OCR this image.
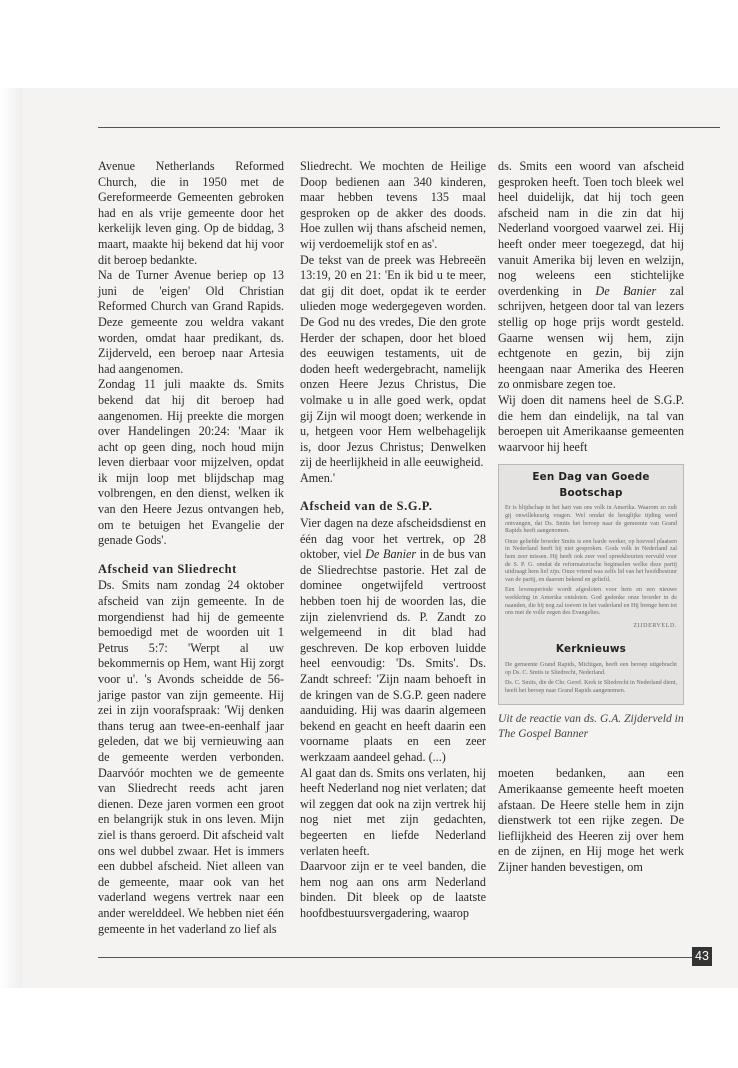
Avenue Netherlands Reformed Church, die in 1950 met de Gereformeerde Gemeenten gebroken had en als vrije gemeente door het kerkelijk leven ging. Op de biddag, 3 maart, maakte hij bekend dat hij voor dit beroep bedankte.

Na de Turner Avenue beriep op 13 juni de 'eigen' Old Christian Reformed Church van Grand Rapids. Deze gemeente zou weldra vakant worden, omdat haar predikant, ds. Zijderveld, een beroep naar Artesia had aangenomen.

Zondag 11 juli maakte ds. Smits bekend dat hij dit beroep had aangenomen. Hij preekte die morgen over Handelingen 20:24: 'Maar ik acht op geen ding, noch houd mijn leven dierbaar voor mijzelven, opdat ik mijn loop met blijdschap mag volbrengen, en den dienst, welken ik van den Heere Jezus ontvangen heb, om te betuigen het Evangelie der genade Gods'.

Afscheid van Sliedrecht

Ds. Smits nam zondag 24 oktober afscheid van zijn gemeente. In de morgendienst had hij de gemeente bemoedigd met de woorden uit 1 Petrus 5:7: 'Werpt al uw bekommernis op Hem, want Hij zorgt voor u'. 's Avonds scheidde de 56-jarige pastor van zijn gemeente. Hij zei in zijn voorafspraak: 'Wij denken thans terug aan twee-en-eenhalf jaar geleden, dat we bij vernieuwing aan de gemeente werden verbonden. Daarvóór mochten we de gemeente van Sliedrecht reeds acht jaren dienen. Deze jaren vormen een groot en belangrijk stuk in ons leven. Mijn ziel is thans geroerd. Dit afscheid valt ons wel dubbel zwaar. Het is immers een dubbel afscheid. Niet alleen van de gemeente, maar ook van het vaderland wegens vertrek naar een ander werelddeel. We hebben niet één gemeente in het vaderland zo lief als

Sliedrecht. We mochten de Heilige Doop bedienen aan 340 kinderen, maar hebben tevens 135 maal gesproken op de akker des doods. Hoe zullen wij thans afscheid nemen, wij verdoemelijk stof en as'.

De tekst van de preek was Hebreeën 13:19, 20 en 21: 'En ik bid u te meer, dat gij dit doet, opdat ik te eerder ulieden moge wedergegeven worden. De God nu des vredes, Die den grote Herder der schapen, door het bloed des eeuwigen testaments, uit de doden heeft wedergebracht, namelijk onzen Heere Jezus Christus, Die volmake u in alle goed werk, opdat gij Zijn wil moogt doen; werkende in u, hetgeen voor Hem welbehagelijk is, door Jezus Christus; Denwelken zij de heerlijkheid in alle eeuwigheid.

Amen.'

Afscheid van de S.G.P.

Vier dagen na deze afscheidsdienst en één dag voor het vertrek, op 28 oktober, viel De Banier in de bus van de Sliedrechtse pastorie. Het zal de dominee ongetwijfeld vertroost hebben toen hij de woorden las, die zijn zielenvriend ds. P. Zandt zo welgemeend in dit blad had geschreven. De kop erboven luidde heel eenvoudig: 'Ds. Smits'. Ds. Zandt schreef: 'Zijn naam behoeft in de kringen van de S.G.P. geen nadere aanduiding. Hij was daarin algemeen bekend en geacht en heeft daarin een voorname plaats en een zeer werkzaam aandeel gehad. (...)

Al gaat dan ds. Smits ons verlaten, hij heeft Nederland nog niet verlaten; dat wil zeggen dat ook na zijn vertrek hij nog niet met zijn gedachten, begeerten en liefde Nederland verlaten heeft.

Daarvoor zijn er te veel banden, die hem nog aan ons arm Nederland binden. Dit bleek op de laatste hoofdbestuursvergadering, waarop

ds. Smits een woord van afscheid gesproken heeft. Toen toch bleek wel heel duidelijk, dat hij toch geen afscheid nam in die zin dat hij Nederland voorgoed vaarwel zei. Hij heeft onder meer toegezegd, dat hij vanuit Amerika bij leven en welzijn, nog weleens een stichtelijke overdenking in De Banier zal schrijven, hetgeen door tal van lezers stellig op hoge prijs wordt gesteld. Gaarne wensen wij hem, zijn echtgenote en gezin, bij zijn heengaan naar Amerika des Heeren zo onmisbare zegen toe.

Wij doen dit namens heel de S.G.P. die hem dan eindelijk, na tal van beroepen uit Amerikaanse gemeenten waarvoor hij heeft

Een Dag van Goede Bootschap

Er is blijdschap in het hart van ons volk in Amerika. Waarom zo zult gij onwillekeurig vragen. Wel omdat de heuglijke tijding werd ontvangen, dat Ds. Smits het beroep naar de gemeente van Grand Rapids heeft aangenomen.

Onze geliefde broeder Smits is een harde werker, op hoeveel plaatsen in Nederland heeft hij niet gesproken. Gods volk in Nederland zal hem zeer missen. Hij heeft ook zeer veel spreekbeurten vervuld voor de S. P. G. omdat de reformatorische beginselen welke deze partij uitdraagt hem lief zijn. Onze vriend was zelfs lid van het hoofdbestuur van de partij, en daarom bekend en geliefd.

Een levensperiode wordt afgesloten voor hem en een nieuwe werkkring in Amerika ontsloten. God gedenke onze broeder in de naanden, die hij nog zal toeven in het vaderland en Hij brenge hem tot ons met de volle zegen des Evangelies.

ZIJDERVELD.
Kerknieuws

De gemeente Grand Rapids, Michigan, heeft een beroep uitgebracht op Ds. C. Smits te Sliedrecht, Nederland.

Ds. C. Smits, die de Chr. Geref. Kerk te Sliedrecht in Nederland dient, heeft het beroep naar Grand Rapids aangenomen.

Uit de reactie van ds. G.A. Zijderveld in The Gospel Banner

moeten bedanken, aan een Amerikaanse gemeente heeft moeten afstaan. De Heere stelle hem in zijn dienstwerk tot een rijke zegen. De lieflijkheid des Heeren zij over hem en de zijnen, en Hij moge het werk Zijner handen bevestigen, om

43
